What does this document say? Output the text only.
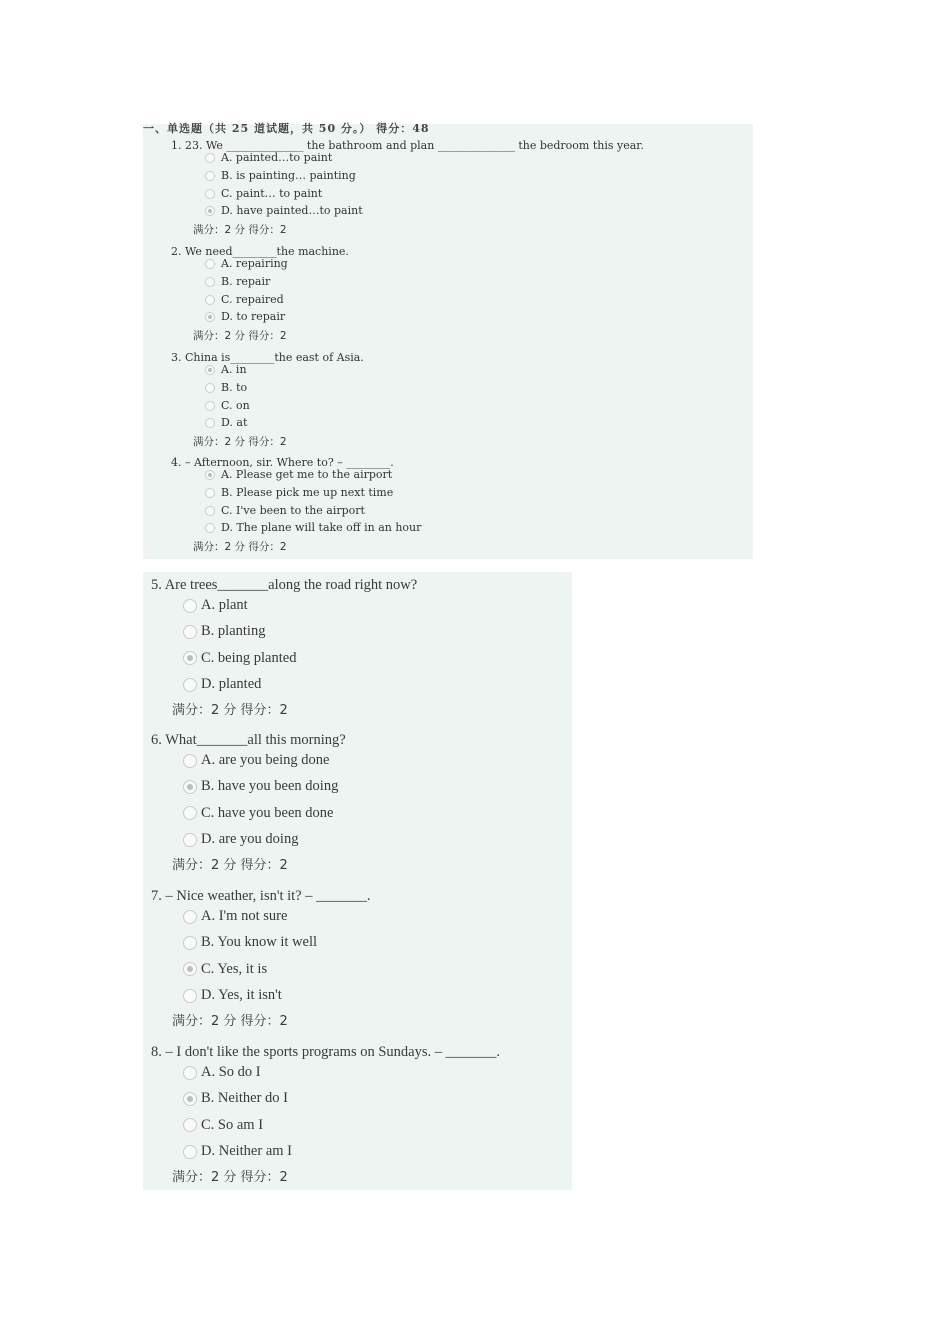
一、单选题（共 25 道试题，共 50 分。） 得分：48
1. 23. We ______________ the bathroom and plan ______________ the bedroom this year.
A. painted…to paint
B. is painting… painting
C. paint… to paint
D. have painted…to paint
满分：2 分 得分：2
2. We need________the machine.
A. repairing
B. repair
C. repaired
D. to repair
满分：2 分 得分：2
3. China is________the east of Asia.
A. in
B. to
C. on
D. at
满分：2 分 得分：2
4. – Afternoon, sir. Where to? – ________.
A. Please get me to the airport
B. Please pick me up next time
C. I've been to the airport
D. The plane will take off in an hour
满分：2 分 得分：2
5. Are trees_______along the road right now?
A. plant
B. planting
C. being planted
D. planted
满分：2 分 得分：2
6. What_______all this morning?
A. are you being done
B. have you been doing
C. have you been done
D. are you doing
满分：2 分 得分：2
7. – Nice weather, isn't it? – _______.
A. I'm not sure
B. You know it well
C. Yes, it is
D. Yes, it isn't
满分：2 分 得分：2
8. – I don't like the sports programs on Sundays. – _______.
A. So do I
B. Neither do I
C. So am I
D. Neither am I
满分：2 分 得分：2
